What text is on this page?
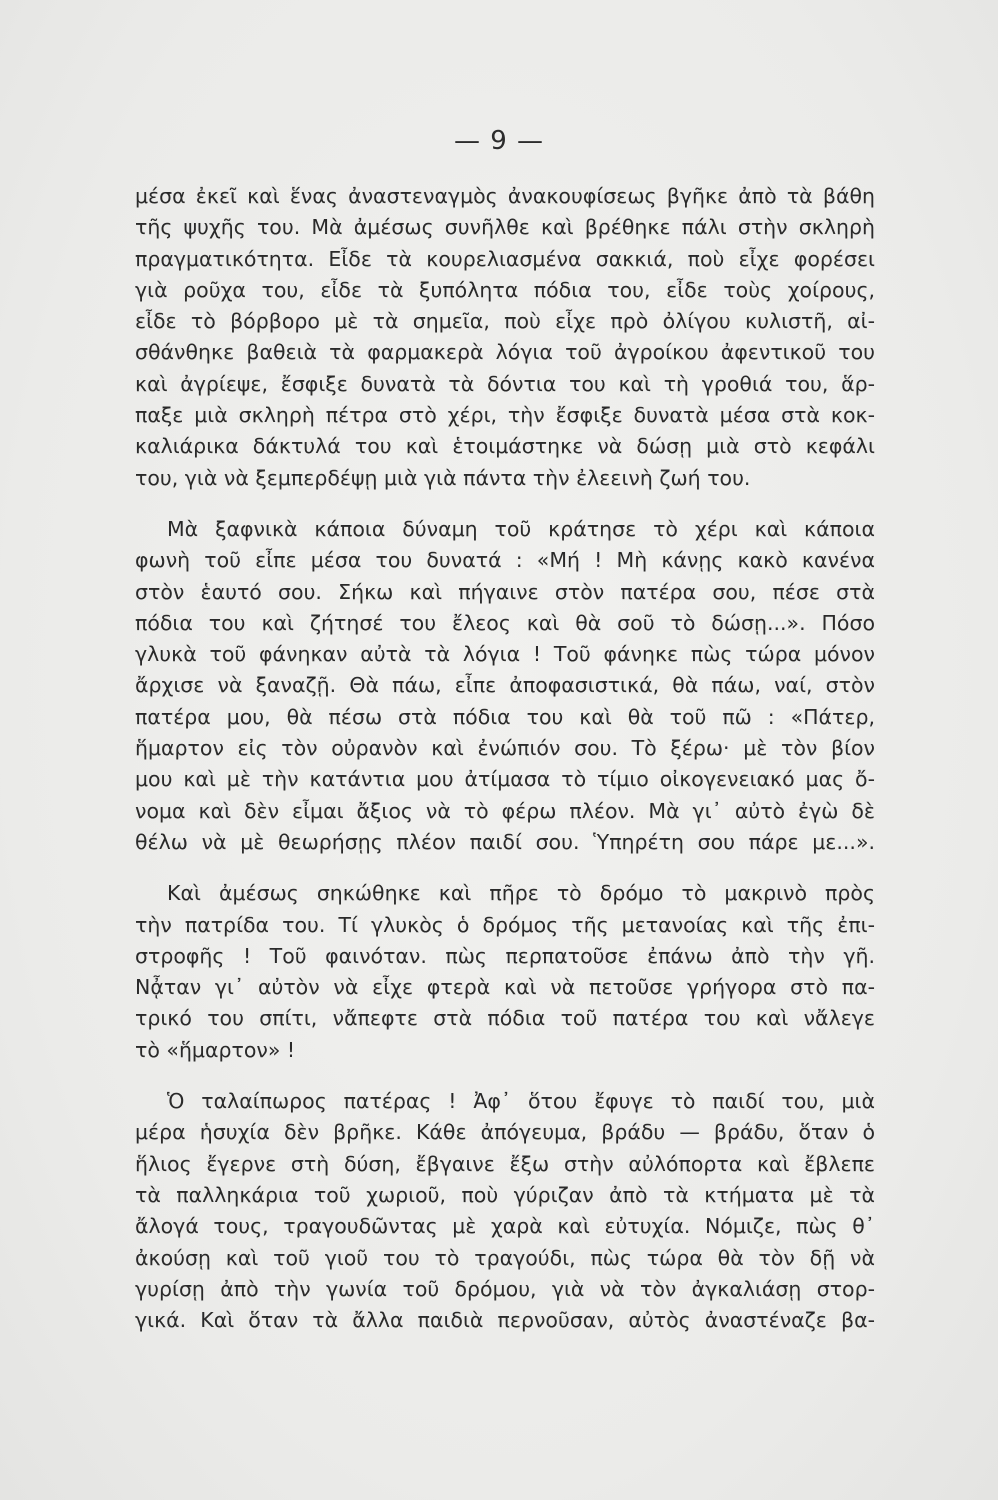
— 9 —
μέσα ἐκεῖ καὶ ἕνας ἀναστεναγμὸς ἀνακουφίσεως βγῆκε ἀπὸ τὰ βάθη
τῆς ψυχῆς του. Μὰ ἀμέσως συνῆλθε καὶ βρέθηκε πάλι στὴν σκληρὴ
πραγματικότητα. Εἶδε τὰ κουρελιασμένα σακκιά, ποὺ εἶχε φορέσει
γιὰ ροῦχα του, εἶδε τὰ ξυπόλητα πόδια του, εἶδε τοὺς χοίρους,
εἶδε τὸ βόρβορο μὲ τὰ σημεῖα, ποὺ εἶχε πρὸ ὀλίγου κυλιστῆ, αἰ-
σθάνθηκε βαθειὰ τὰ φαρμακερὰ λόγια τοῦ ἀγροίκου ἀφεντικοῦ του
καὶ ἀγρίεψε, ἔσφιξε δυνατὰ τὰ δόντια του καὶ τὴ γροθιά του, ἅρ-
παξε μιὰ σκληρὴ πέτρα στὸ χέρι, τὴν ἔσφιξε δυνατὰ μέσα στὰ κοκ-
καλιάρικα δάκτυλά του καὶ ἑτοιμάστηκε νὰ δώσῃ μιὰ στὸ κεφάλι
του, γιὰ νὰ ξεμπερδέψῃ μιὰ γιὰ πάντα τὴν ἐλεεινὴ ζωή του.
Μὰ ξαφνικὰ κάποια δύναμη τοῦ κράτησε τὸ χέρι καὶ κάποια
φωνὴ τοῦ εἶπε μέσα του δυνατά : «Μή ! Μὴ κάνῃς κακὸ κανένα
στὸν ἑαυτό σου. Σήκω καὶ πήγαινε στὸν πατέρα σου, πέσε στὰ
πόδια του καὶ ζήτησέ του ἔλεος καὶ θὰ σοῦ τὸ δώσῃ...». Πόσο
γλυκὰ τοῦ φάνηκαν αὐτὰ τὰ λόγια ! Τοῦ φάνηκε πὼς τώρα μόνον
ἄρχισε νὰ ξαναζῇ. Θὰ πάω, εἶπε ἀποφασιστικά, θὰ πάω, ναί, στὸν
πατέρα μου, θὰ πέσω στὰ πόδια του καὶ θὰ τοῦ πῶ : «Πάτερ,
ἥμαρτον εἰς τὸν οὐρανὸν καὶ ἐνώπιόν σου. Τὸ ξέρω· μὲ τὸν βίον
μου καὶ μὲ τὴν κατάντια μου ἀτίμασα τὸ τίμιο οἰκογενειακό μας ὄ-
νομα καὶ δὲν εἶμαι ἄξιος νὰ τὸ φέρω πλέον. Μὰ γι᾽ αὐτὸ ἐγὼ δὲ
θέλω νὰ μὲ θεωρήσῃς πλέον παιδί σου. Ὑπηρέτη σου πάρε με...».
Καὶ ἀμέσως σηκώθηκε καὶ πῆρε τὸ δρόμο τὸ μακρινὸ πρὸς
τὴν πατρίδα του. Τί γλυκὸς ὁ δρόμος τῆς μετανοίας καὶ τῆς ἐπι-
στροφῆς ! Τοῦ φαινόταν. πὼς περπατοῦσε ἐπάνω ἀπὸ τὴν γῆ.
Νᾆταν γι᾽ αὐτὸν νὰ εἶχε φτερὰ καὶ νὰ πετοῦσε γρήγορα στὸ πα-
τρικό του σπίτι, νἄπεφτε στὰ πόδια τοῦ πατέρα του καὶ νἄλεγε
τὸ «ἥμαρτον» !
Ὁ ταλαίπωρος πατέρας ! Ἀφ᾽ ὅτου ἔφυγε τὸ παιδί του, μιὰ
μέρα ἡσυχία δὲν βρῆκε. Κάθε ἀπόγευμα, βράδυ — βράδυ, ὅταν ὁ
ἥλιος ἔγερνε στὴ δύση, ἔβγαινε ἔξω στὴν αὐλόπορτα καὶ ἔβλεπε
τὰ παλληκάρια τοῦ χωριοῦ, ποὺ γύριζαν ἀπὸ τὰ κτήματα μὲ τὰ
ἄλογά τους, τραγουδῶντας μὲ χαρὰ καὶ εὐτυχία. Νόμιζε, πὼς θ᾽
ἀκούσῃ καὶ τοῦ γιοῦ του τὸ τραγούδι, πὼς τώρα θὰ τὸν δῇ νὰ
γυρίσῃ ἀπὸ τὴν γωνία τοῦ δρόμου, γιὰ νὰ τὸν ἀγκαλιάσῃ στορ-
γικά. Καὶ ὅταν τὰ ἄλλα παιδιὰ περνοῦσαν, αὐτὸς ἀναστέναζε βα-
